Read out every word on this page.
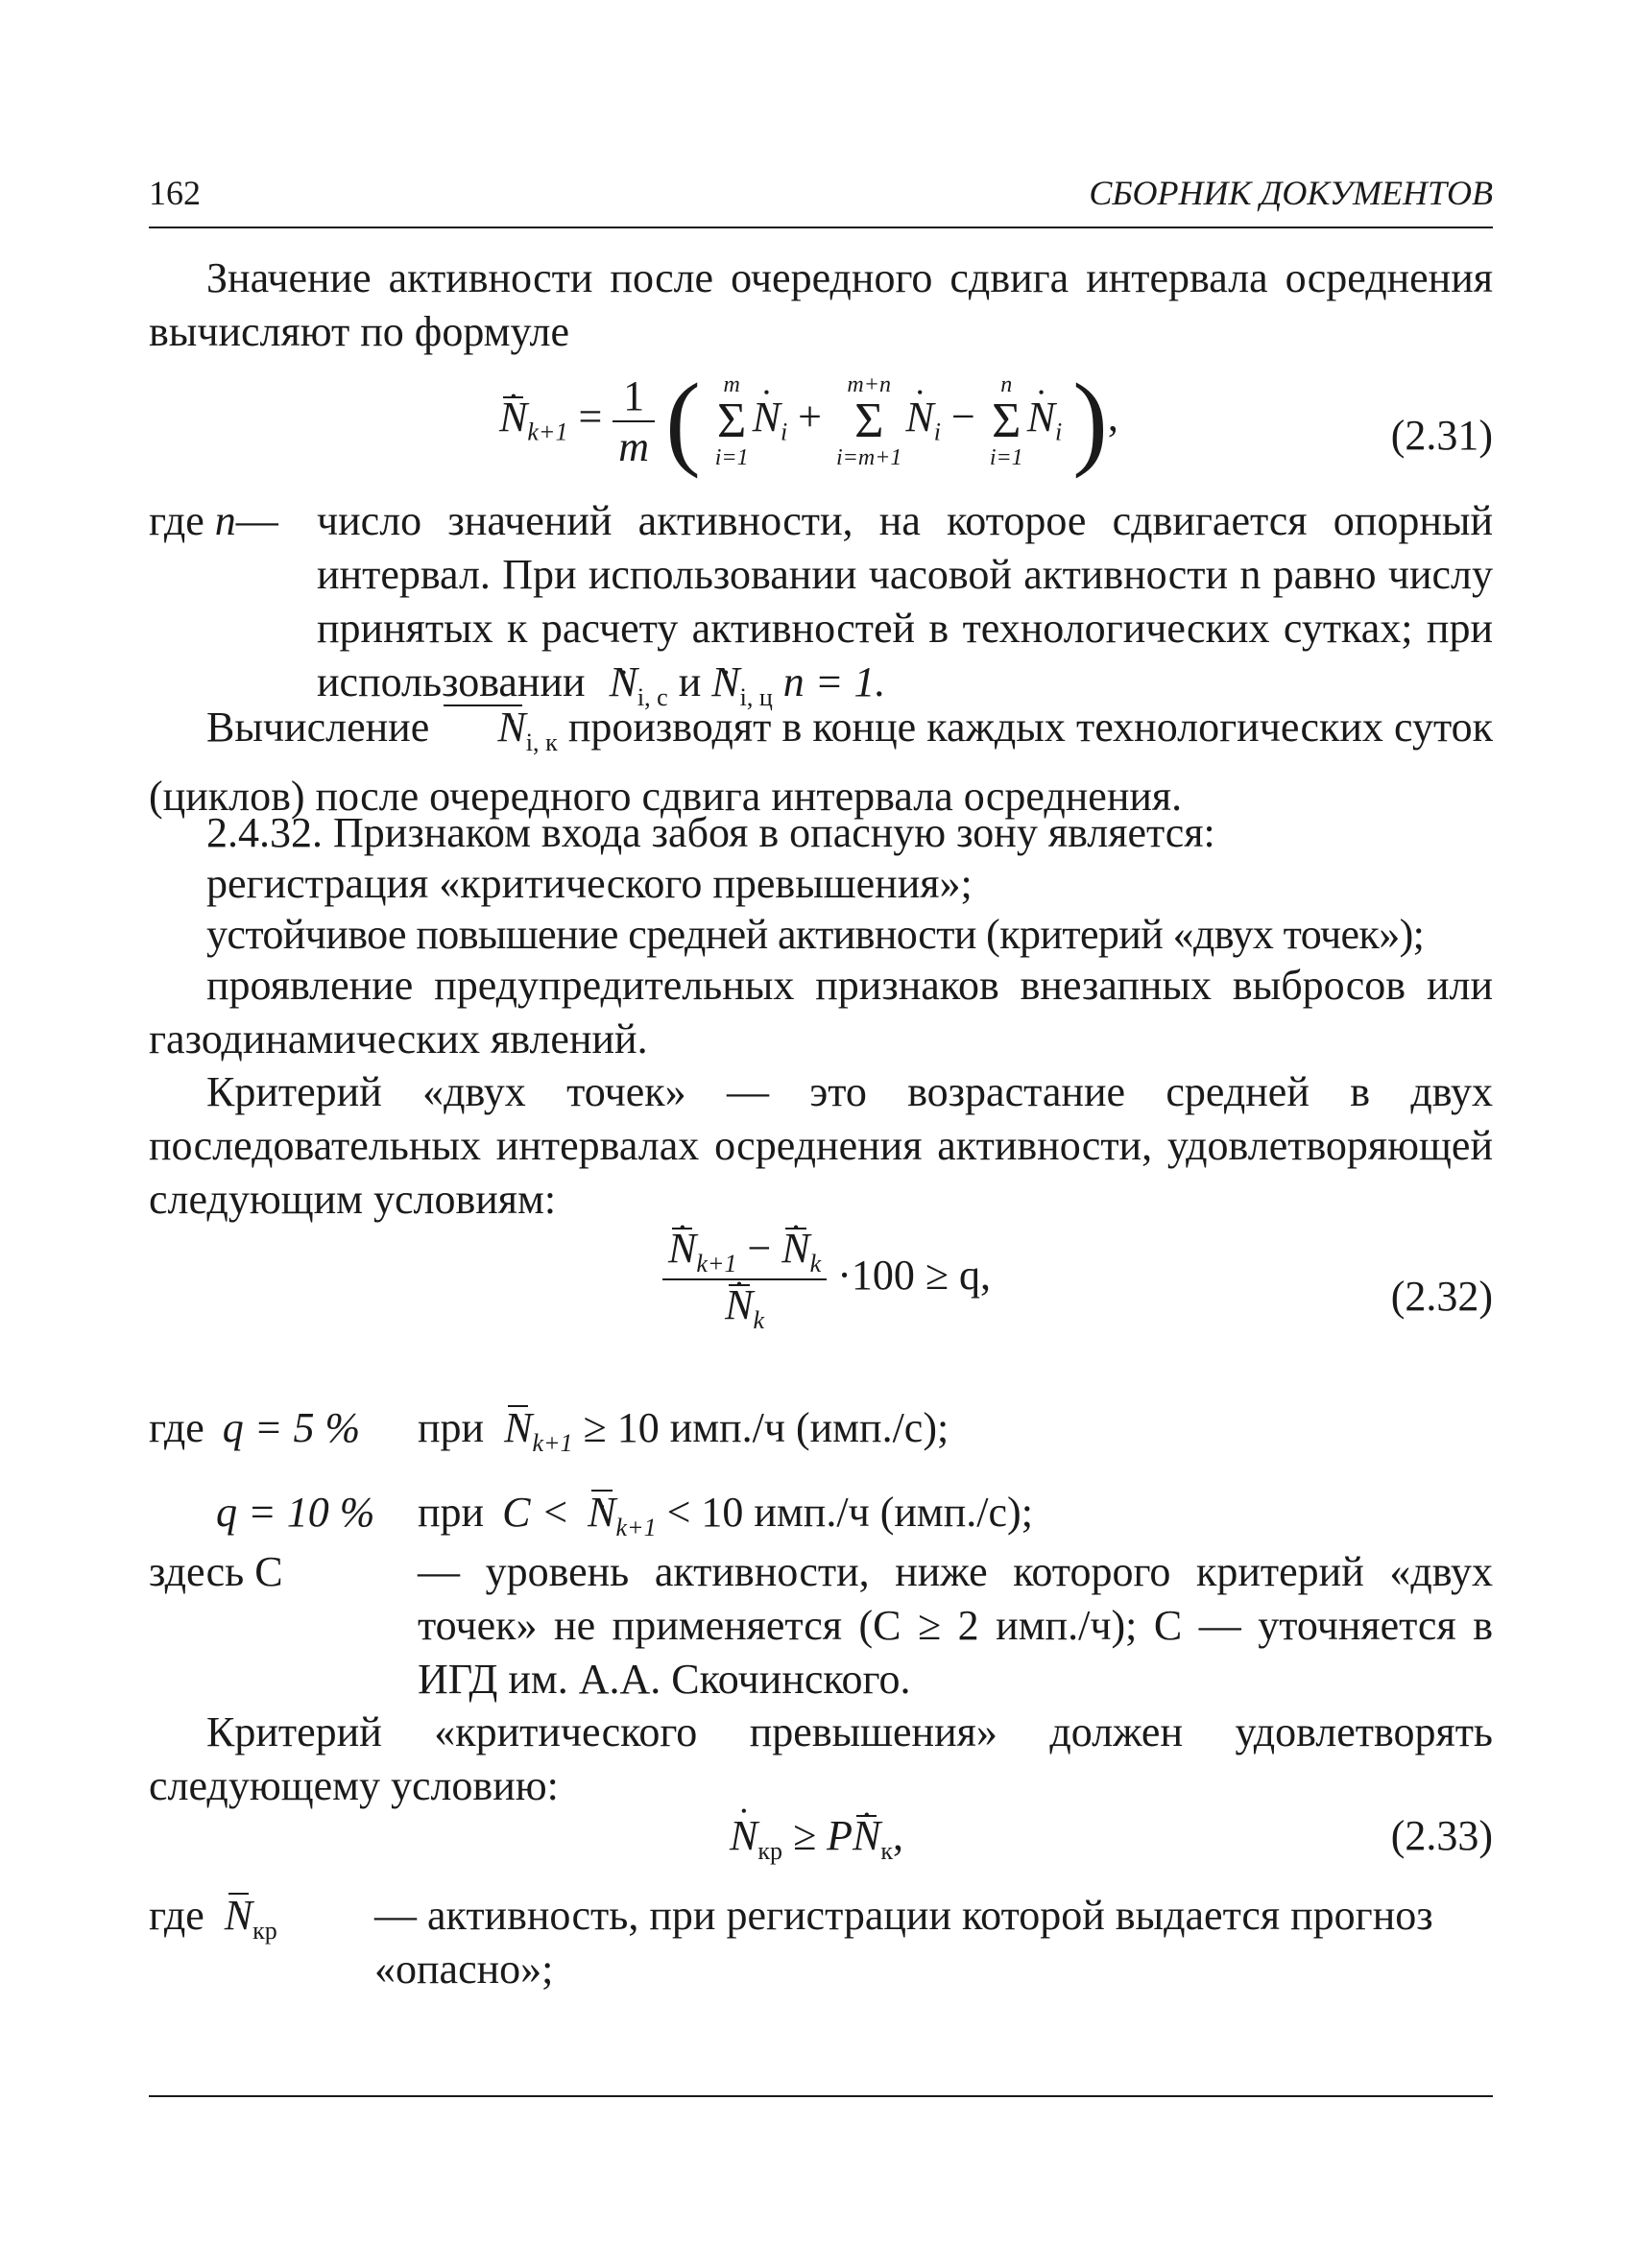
162	СБОРНИК ДОКУМЕНТОВ
Значение активности после очередного сдвига интервала осреднения вычисляют по формуле
N $•_{k+1} = \frac{1}{m}$ ( m
Σ
i=1
N $•_i$ +
m+n
Σ
i=m+1
N $•_i$ −
n
Σ
i=1
N $•_i$ ),	(2.31)
где n— число значений активности, на которое сдвигается опорный интервал. При использовании часовой активности n равно числу принятых к расчету активностей в технологических сутках; при использовании N $•_{i, с}$ и N $•_{i, ц}$ n = 1.
Вычисление N $•_{i, к}$ производят в конце каждых технологических суток (циклов) после очередного сдвига интервала осреднения.
2.4.32. Признаком входа забоя в опасную зону является:
регистрация «критического превышения»;
устойчивое повышение средней активности (критерий «двух точек»);
проявление предупредительных признаков внезапных выбросов или газодинамических явлений.
Критерий «двух точек» — это возрастание средней в двух последовательных интервалах осреднения активности, удовлетворяющей следующим условиям:
$\frac{N •_{k+1} - N •_k}{N •_k} \cdot 100 \ge q$,	(2.32)
где q = 5 % при N $•_{k+1} \ge 10$ имп./ч (имп./с);
q = 10 % при C < N $•_{k+1} < 10$ имп./ч (имп./с);
здесь C	— уровень активности, ниже которого критерий «двух точек» не применяется (C ≥ 2 имп./ч); C — уточняется в ИГД им. А.А. Скочинского.
Критерий «критического превышения» должен удовлетворять следующему условию:
N $•_{кр}$ ≥ PN $•_к$,	(2.33)
где N $•_{кр}$	— активность, при регистрации которой выдается прогноз «опасно»;
